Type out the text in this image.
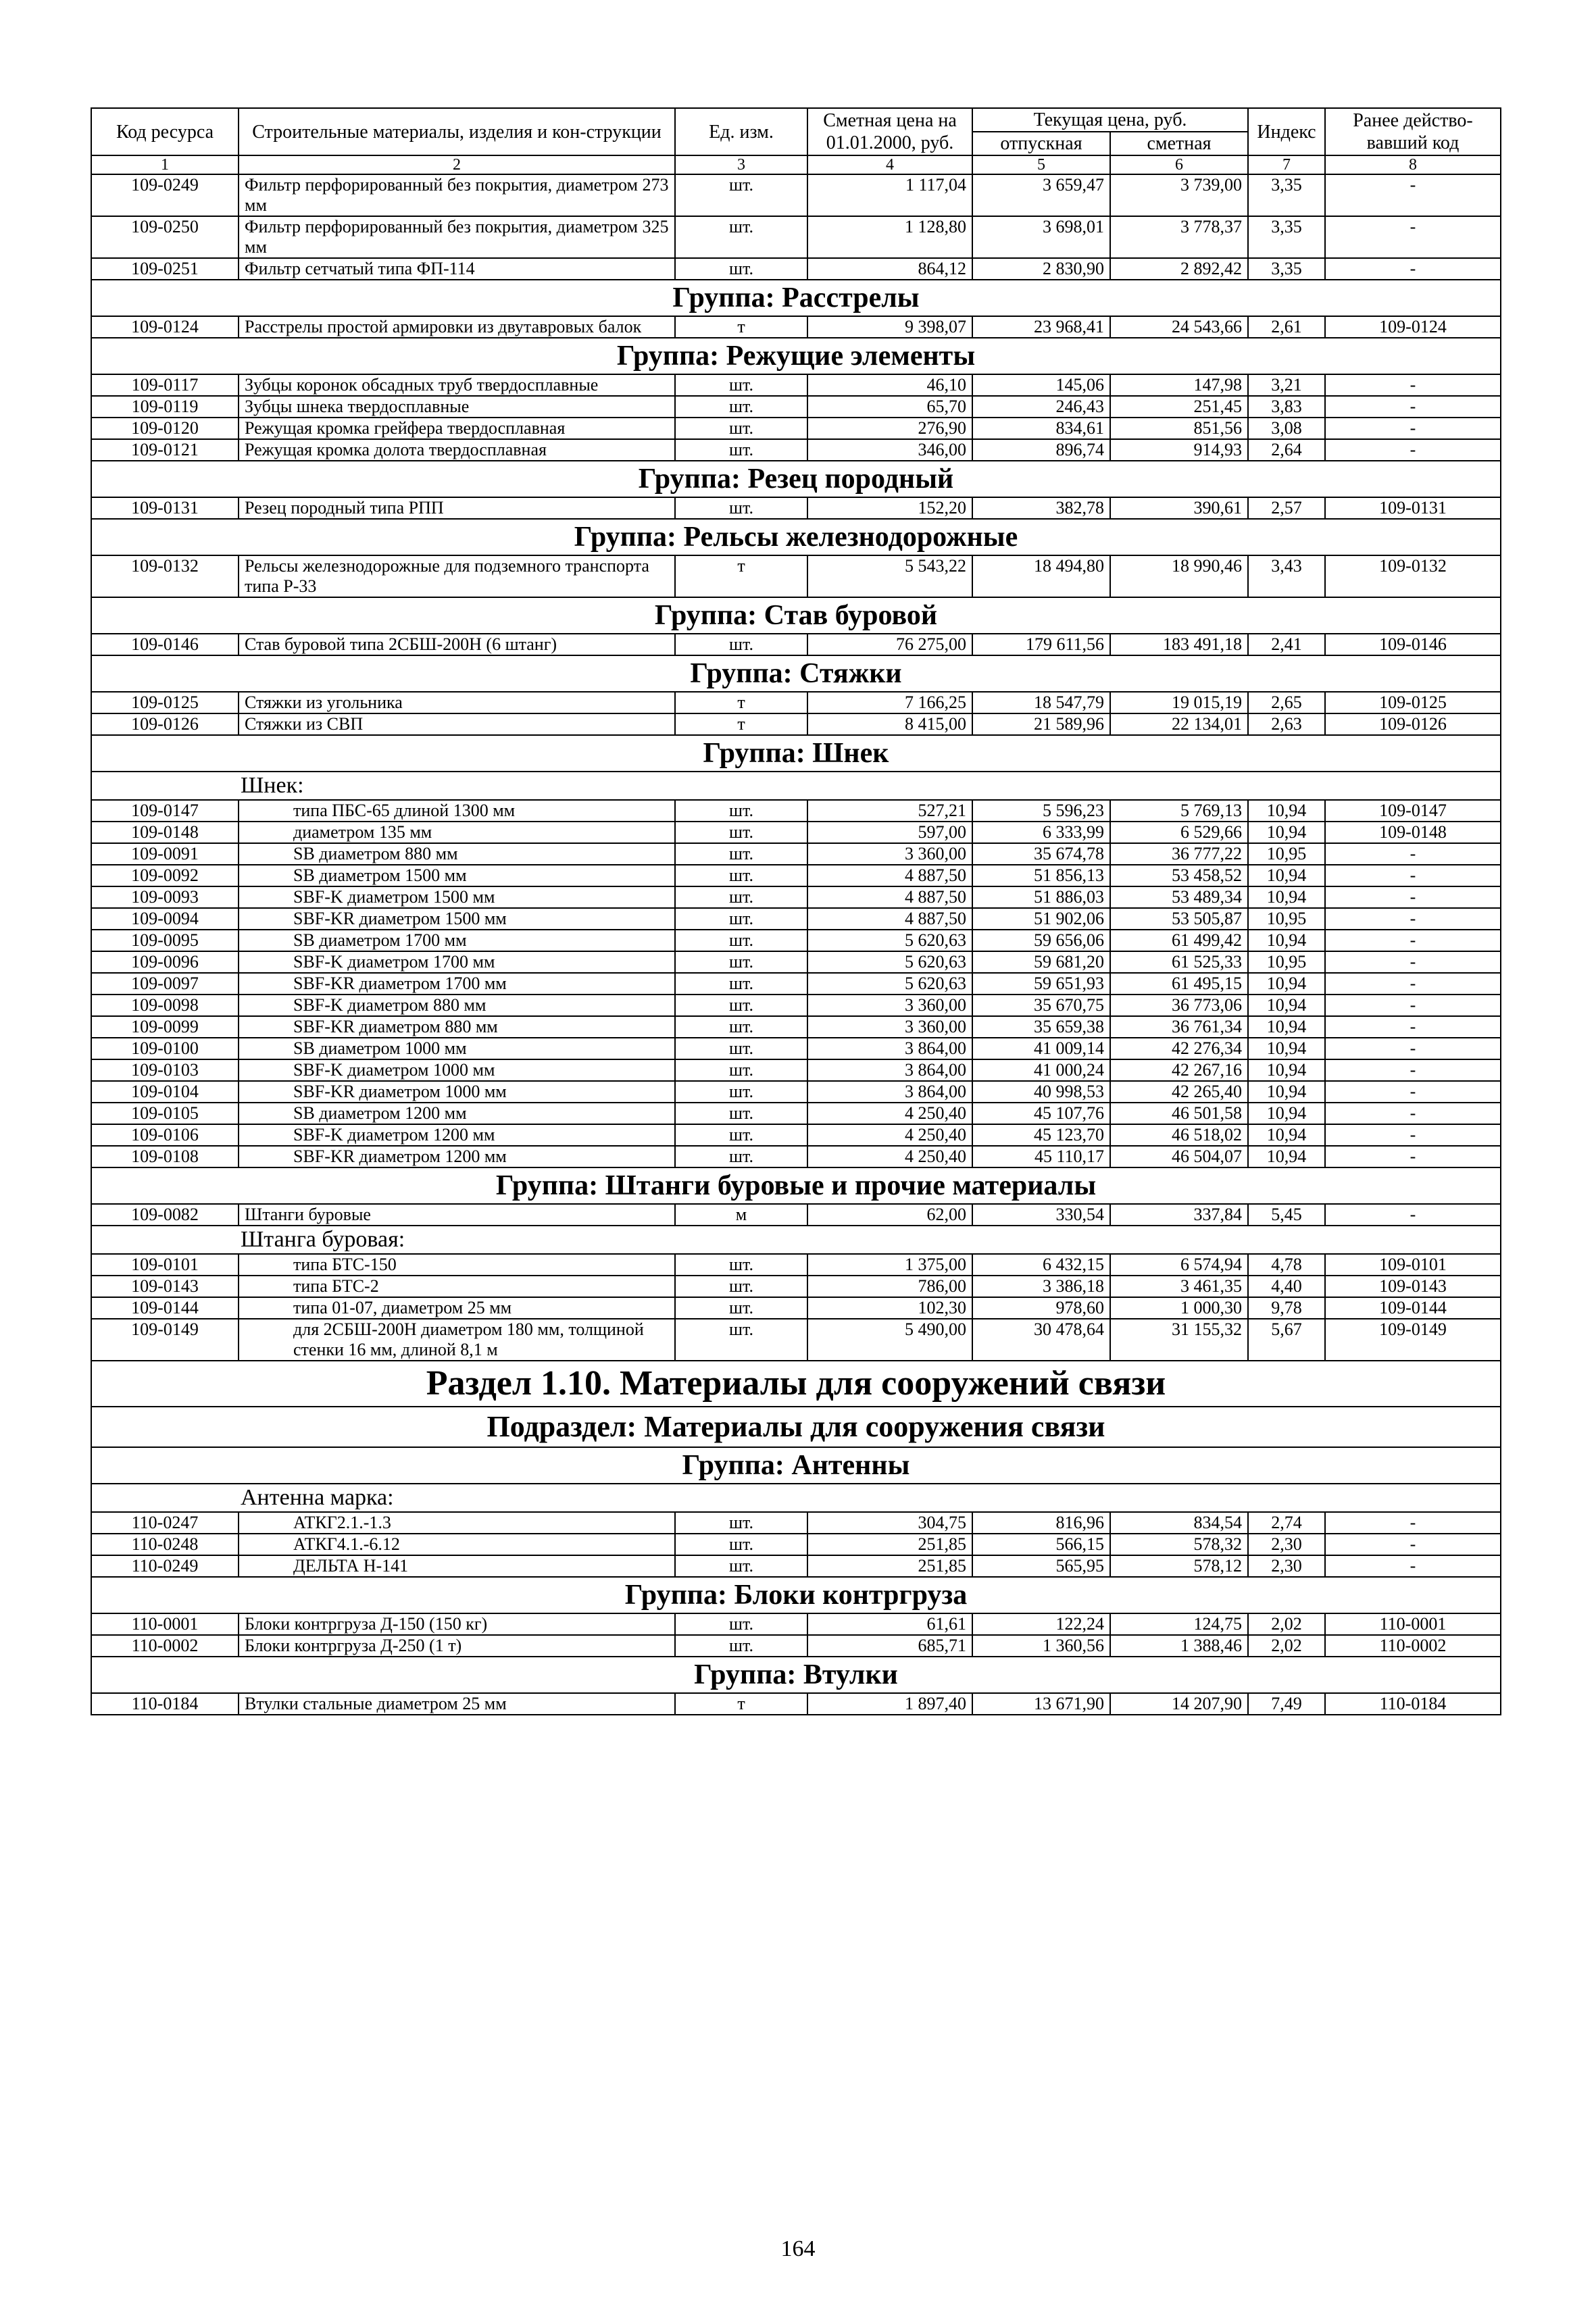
Код ресурса	Строительные материалы, изделия и кон-струкции	Ед. изм.	Сметная цена на 01.01.2000, руб.	Текущая цена, руб.		Индекс	Ранее действо-вавший код
				отпускная	сметная		
1	2	3	4	5	6	7	8
109-0249	Фильтр перфорированный без покрытия, диаметром 273 мм	шт.	1 117,04	3 659,47	3 739,00	3,35	-
109-0250	Фильтр перфорированный без покрытия, диаметром 325 мм	шт.	1 128,80	3 698,01	3 778,37	3,35	-
109-0251	Фильтр сетчатый типа ФП-114	шт.	864,12	2 830,90	2 892,42	3,35	-
Группа: Расстрелы							
109-0124	Расстрелы простой армировки из двутавровых балок	т	9 398,07	23 968,41	24 543,66	2,61	109-0124
Группа: Режущие элементы							
109-0117	Зубцы коронок обсадных труб твердосплавные	шт.	46,10	145,06	147,98	3,21	-
109-0119	Зубцы шнека твердосплавные	шт.	65,70	246,43	251,45	3,83	-
109-0120	Режущая кромка грейфера твердосплавная	шт.	276,90	834,61	851,56	3,08	-
109-0121	Режущая кромка долота твердосплавная	шт.	346,00	896,74	914,93	2,64	-
Группа: Резец породный							
109-0131	Резец породный типа РПП	шт.	152,20	382,78	390,61	2,57	109-0131
Группа: Рельсы железнодорожные							
109-0132	Рельсы железнодорожные для подземного транспорта типа Р-33	т	5 543,22	18 494,80	18 990,46	3,43	109-0132
Группа: Став буровой							
109-0146	Став буровой типа 2СБШ-200Н (6 штанг)	шт.	76 275,00	179 611,56	183 491,18	2,41	109-0146
Группа: Стяжки							
109-0125	Стяжки из угольника	т	7 166,25	18 547,79	19 015,19	2,65	109-0125
109-0126	Стяжки из СВП	т	8 415,00	21 589,96	22 134,01	2,63	109-0126
Группа: Шнек							
Шнек:							
109-0147	типа ПБС-65 длиной 1300 мм	шт.	527,21	5 596,23	5 769,13	10,94	109-0147
109-0148	диаметром 135 мм	шт.	597,00	6 333,99	6 529,66	10,94	109-0148
109-0091	SB диаметром 880 мм	шт.	3 360,00	35 674,78	36 777,22	10,95	-
109-0092	SB диаметром 1500 мм	шт.	4 887,50	51 856,13	53 458,52	10,94	-
109-0093	SBF-K диаметром 1500 мм	шт.	4 887,50	51 886,03	53 489,34	10,94	-
109-0094	SBF-KR диаметром 1500 мм	шт.	4 887,50	51 902,06	53 505,87	10,95	-
109-0095	SB диаметром 1700 мм	шт.	5 620,63	59 656,06	61 499,42	10,94	-
109-0096	SBF-K диаметром 1700 мм	шт.	5 620,63	59 681,20	61 525,33	10,95	-
109-0097	SBF-KR диаметром 1700 мм	шт.	5 620,63	59 651,93	61 495,15	10,94	-
109-0098	SBF-K диаметром 880 мм	шт.	3 360,00	35 670,75	36 773,06	10,94	-
109-0099	SBF-KR диаметром 880 мм	шт.	3 360,00	35 659,38	36 761,34	10,94	-
109-0100	SB диаметром 1000 мм	шт.	3 864,00	41 009,14	42 276,34	10,94	-
109-0103	SBF-K диаметром 1000 мм	шт.	3 864,00	41 000,24	42 267,16	10,94	-
109-0104	SBF-KR диаметром 1000 мм	шт.	3 864,00	40 998,53	42 265,40	10,94	-
109-0105	SB диаметром 1200 мм	шт.	4 250,40	45 107,76	46 501,58	10,94	-
109-0106	SBF-K диаметром 1200 мм	шт.	4 250,40	45 123,70	46 518,02	10,94	-
109-0108	SBF-KR диаметром 1200 мм	шт.	4 250,40	45 110,17	46 504,07	10,94	-
Группа: Штанги буровые и прочие материалы							
109-0082	Штанги буровые	м	62,00	330,54	337,84	5,45	-
Штанга буровая:							
109-0101	типа БТС-150	шт.	1 375,00	6 432,15	6 574,94	4,78	109-0101
109-0143	типа БТС-2	шт.	786,00	3 386,18	3 461,35	4,40	109-0143
109-0144	типа 01-07, диаметром 25 мм	шт.	102,30	978,60	1 000,30	9,78	109-0144
109-0149	для 2СБШ-200Н диаметром 180 мм, толщиной стенки 16 мм, длиной 8,1 м	шт.	5 490,00	30 478,64	31 155,32	5,67	109-0149
Раздел 1.10. Материалы для сооружений связи							
Подраздел: Материалы для сооружения связи							
Группа: Антенны							
Антенна марка:							
110-0247	АТКГ2.1.-1.3	шт.	304,75	816,96	834,54	2,74	-
110-0248	АТКГ4.1.-6.12	шт.	251,85	566,15	578,32	2,30	-
110-0249	ДЕЛЬТА Н-141	шт.	251,85	565,95	578,12	2,30	-
Группа: Блоки контргруза							
110-0001	Блоки контргруза Д-150 (150 кг)	шт.	61,61	122,24	124,75	2,02	110-0001
110-0002	Блоки контргруза Д-250 (1 т)	шт.	685,71	1 360,56	1 388,46	2,02	110-0002
Группа: Втулки							
110-0184	Втулки стальные диаметром 25 мм	т	1 897,40	13 671,90	14 207,90	7,49	110-0184
164
